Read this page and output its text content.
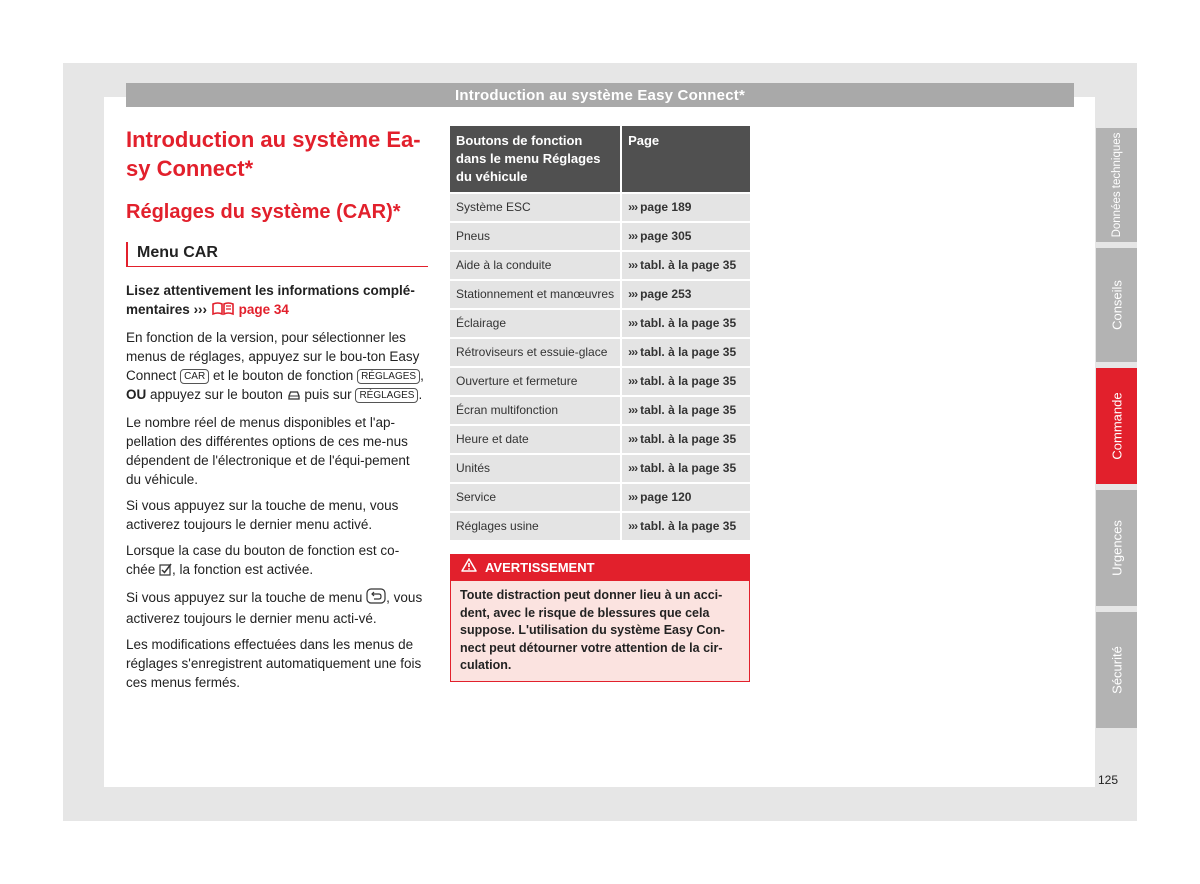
Introduction au système Easy Connect*
Introduction au système Ea-sy Connect*
Réglages du système (CAR)*
Menu CAR
Lisez attentivement les informations complé-mentaires ››› page 34
En fonction de la version, pour sélectionner les menus de réglages, appuyez sur le bou-ton Easy Connect CAR et le bouton de fonction RÉGLAGES , OU appuyez sur le bouton puis sur RÉGLAGES .
Le nombre réel de menus disponibles et l'ap-pellation des différentes options de ces me-nus dépendent de l'électronique et de l'équi-pement du véhicule.
Si vous appuyez sur la touche de menu, vous activerez toujours le dernier menu activé.
Lorsque la case du bouton de fonction est co-chée , la fonction est activée.
Si vous appuyez sur la touche de menu , vous activerez toujours le dernier menu acti-vé.
Les modifications effectuées dans les menus de réglages s'enregistrent automatiquement une fois ces menus fermés.
Boutons de fonction dans le menu Réglages du véhicule	Page
Système ESC	››› page 189
Pneus	››› page 305
Aide à la conduite	››› tabl. à la page 35
Stationnement et manœuvres	››› page 253
Éclairage	››› tabl. à la page 35
Rétroviseurs et essuie-glace	››› tabl. à la page 35
Ouverture et fermeture	››› tabl. à la page 35
Écran multifonction	››› tabl. à la page 35
Heure et date	››› tabl. à la page 35
Unités	››› tabl. à la page 35
Service	››› page 120
Réglages usine	››› tabl. à la page 35
AVERTISSEMENT
Toute distraction peut donner lieu à un acci-dent, avec le risque de blessures que cela suppose. L'utilisation du système Easy Con-nect peut détourner votre attention de la cir-culation.
Données techniques
Conseils
Commande
Urgences
Sécurité
125
